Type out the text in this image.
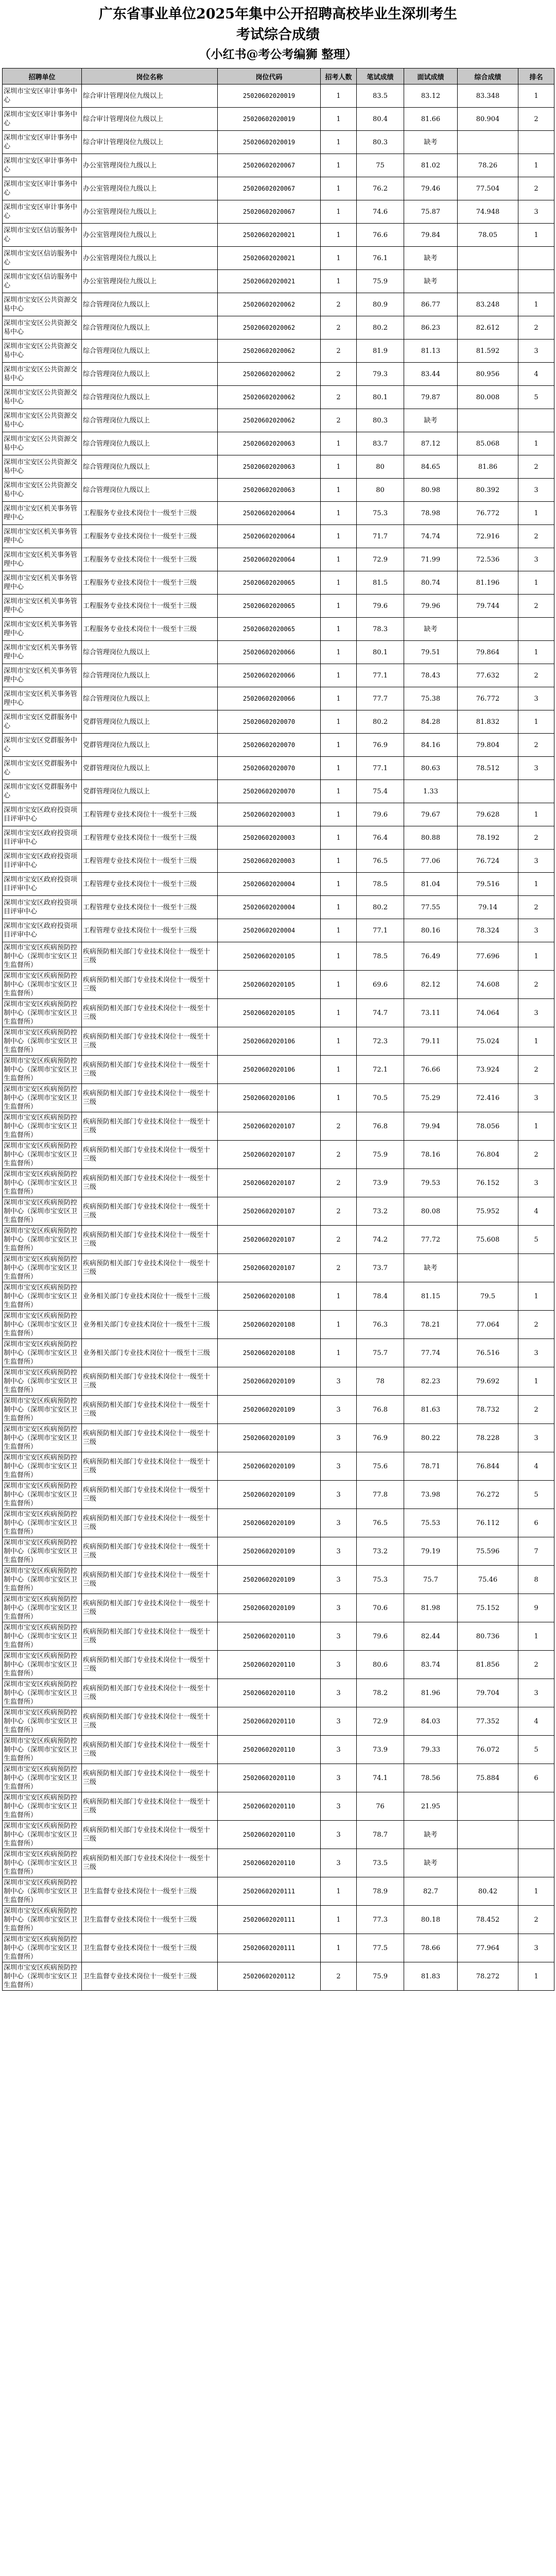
广东省事业单位2025年集中公开招聘高校毕业生深圳考生
考试综合成绩
（小红书@考公考编狮 整理）
招聘单位	岗位名称	岗位代码	招考人数	笔试成绩	面试成绩	综合成绩	排名
深圳市宝安区审计事务中心	综合审计管理岗位九级以上	25020602020019	1	83.5	83.12	83.348	1
深圳市宝安区审计事务中心	综合审计管理岗位九级以上	25020602020019	1	80.4	81.66	80.904	2
深圳市宝安区审计事务中心	综合审计管理岗位九级以上	25020602020019	1	80.3	缺考		
深圳市宝安区审计事务中心	办公室管理岗位九级以上	25020602020067	1	75	81.02	78.26	1
深圳市宝安区审计事务中心	办公室管理岗位九级以上	25020602020067	1	76.2	79.46	77.504	2
深圳市宝安区审计事务中心	办公室管理岗位九级以上	25020602020067	1	74.6	75.87	74.948	3
深圳市宝安区信访服务中心	办公室管理岗位九级以上	25020602020021	1	76.6	79.84	78.05	1
深圳市宝安区信访服务中心	办公室管理岗位九级以上	25020602020021	1	76.1	缺考		
深圳市宝安区信访服务中心	办公室管理岗位九级以上	25020602020021	1	75.9	缺考		
深圳市宝安区公共资源交易中心	综合管理岗位九级以上	25020602020062	2	80.9	86.77	83.248	1
深圳市宝安区公共资源交易中心	综合管理岗位九级以上	25020602020062	2	80.2	86.23	82.612	2
深圳市宝安区公共资源交易中心	综合管理岗位九级以上	25020602020062	2	81.9	81.13	81.592	3
深圳市宝安区公共资源交易中心	综合管理岗位九级以上	25020602020062	2	79.3	83.44	80.956	4
深圳市宝安区公共资源交易中心	综合管理岗位九级以上	25020602020062	2	80.1	79.87	80.008	5
深圳市宝安区公共资源交易中心	综合管理岗位九级以上	25020602020062	2	80.3	缺考		
深圳市宝安区公共资源交易中心	综合管理岗位九级以上	25020602020063	1	83.7	87.12	85.068	1
深圳市宝安区公共资源交易中心	综合管理岗位九级以上	25020602020063	1	80	84.65	81.86	2
深圳市宝安区公共资源交易中心	综合管理岗位九级以上	25020602020063	1	80	80.98	80.392	3
深圳市宝安区机关事务管理中心	工程服务专业技术岗位十一级至十三级	25020602020064	1	75.3	78.98	76.772	1
深圳市宝安区机关事务管理中心	工程服务专业技术岗位十一级至十三级	25020602020064	1	71.7	74.74	72.916	2
深圳市宝安区机关事务管理中心	工程服务专业技术岗位十一级至十三级	25020602020064	1	72.9	71.99	72.536	3
深圳市宝安区机关事务管理中心	工程服务专业技术岗位十一级至十三级	25020602020065	1	81.5	80.74	81.196	1
深圳市宝安区机关事务管理中心	工程服务专业技术岗位十一级至十三级	25020602020065	1	79.6	79.96	79.744	2
深圳市宝安区机关事务管理中心	工程服务专业技术岗位十一级至十三级	25020602020065	1	78.3	缺考		
深圳市宝安区机关事务管理中心	综合管理岗位九级以上	25020602020066	1	80.1	79.51	79.864	1
深圳市宝安区机关事务管理中心	综合管理岗位九级以上	25020602020066	1	77.1	78.43	77.632	2
深圳市宝安区机关事务管理中心	综合管理岗位九级以上	25020602020066	1	77.7	75.38	76.772	3
深圳市宝安区党群服务中心	党群管理岗位九级以上	25020602020070	1	80.2	84.28	81.832	1
深圳市宝安区党群服务中心	党群管理岗位九级以上	25020602020070	1	76.9	84.16	79.804	2
深圳市宝安区党群服务中心	党群管理岗位九级以上	25020602020070	1	77.1	80.63	78.512	3
深圳市宝安区党群服务中心	党群管理岗位九级以上	25020602020070	1	75.4	1.33		
深圳市宝安区政府投资项目评审中心	工程管理专业技术岗位十一级至十三级	25020602020003	1	79.6	79.67	79.628	1
深圳市宝安区政府投资项目评审中心	工程管理专业技术岗位十一级至十三级	25020602020003	1	76.4	80.88	78.192	2
深圳市宝安区政府投资项目评审中心	工程管理专业技术岗位十一级至十三级	25020602020003	1	76.5	77.06	76.724	3
深圳市宝安区政府投资项目评审中心	工程管理专业技术岗位十一级至十三级	25020602020004	1	78.5	81.04	79.516	1
深圳市宝安区政府投资项目评审中心	工程管理专业技术岗位十一级至十三级	25020602020004	1	80.2	77.55	79.14	2
深圳市宝安区政府投资项目评审中心	工程管理专业技术岗位十一级至十三级	25020602020004	1	77.1	80.16	78.324	3
深圳市宝安区疾病预防控制中心（深圳市宝安区卫生监督所）	疾病预防相关部门专业技术岗位十一级至十三级	25020602020105	1	78.5	76.49	77.696	1
深圳市宝安区疾病预防控制中心（深圳市宝安区卫生监督所）	疾病预防相关部门专业技术岗位十一级至十三级	25020602020105	1	69.6	82.12	74.608	2
深圳市宝安区疾病预防控制中心（深圳市宝安区卫生监督所）	疾病预防相关部门专业技术岗位十一级至十三级	25020602020105	1	74.7	73.11	74.064	3
深圳市宝安区疾病预防控制中心（深圳市宝安区卫生监督所）	疾病预防相关部门专业技术岗位十一级至十三级	25020602020106	1	72.3	79.11	75.024	1
深圳市宝安区疾病预防控制中心（深圳市宝安区卫生监督所）	疾病预防相关部门专业技术岗位十一级至十三级	25020602020106	1	72.1	76.66	73.924	2
深圳市宝安区疾病预防控制中心（深圳市宝安区卫生监督所）	疾病预防相关部门专业技术岗位十一级至十三级	25020602020106	1	70.5	75.29	72.416	3
深圳市宝安区疾病预防控制中心（深圳市宝安区卫生监督所）	疾病预防相关部门专业技术岗位十一级至十三级	25020602020107	2	76.8	79.94	78.056	1
深圳市宝安区疾病预防控制中心（深圳市宝安区卫生监督所）	疾病预防相关部门专业技术岗位十一级至十三级	25020602020107	2	75.9	78.16	76.804	2
深圳市宝安区疾病预防控制中心（深圳市宝安区卫生监督所）	疾病预防相关部门专业技术岗位十一级至十三级	25020602020107	2	73.9	79.53	76.152	3
深圳市宝安区疾病预防控制中心（深圳市宝安区卫生监督所）	疾病预防相关部门专业技术岗位十一级至十三级	25020602020107	2	73.2	80.08	75.952	4
深圳市宝安区疾病预防控制中心（深圳市宝安区卫生监督所）	疾病预防相关部门专业技术岗位十一级至十三级	25020602020107	2	74.2	77.72	75.608	5
深圳市宝安区疾病预防控制中心（深圳市宝安区卫生监督所）	疾病预防相关部门专业技术岗位十一级至十三级	25020602020107	2	73.7	缺考		
深圳市宝安区疾病预防控制中心（深圳市宝安区卫生监督所）	业务相关部门专业技术岗位十一级至十三级	25020602020108	1	78.4	81.15	79.5	1
深圳市宝安区疾病预防控制中心（深圳市宝安区卫生监督所）	业务相关部门专业技术岗位十一级至十三级	25020602020108	1	76.3	78.21	77.064	2
深圳市宝安区疾病预防控制中心（深圳市宝安区卫生监督所）	业务相关部门专业技术岗位十一级至十三级	25020602020108	1	75.7	77.74	76.516	3
深圳市宝安区疾病预防控制中心（深圳市宝安区卫生监督所）	疾病预防相关部门专业技术岗位十一级至十三级	25020602020109	3	78	82.23	79.692	1
深圳市宝安区疾病预防控制中心（深圳市宝安区卫生监督所）	疾病预防相关部门专业技术岗位十一级至十三级	25020602020109	3	76.8	81.63	78.732	2
深圳市宝安区疾病预防控制中心（深圳市宝安区卫生监督所）	疾病预防相关部门专业技术岗位十一级至十三级	25020602020109	3	76.9	80.22	78.228	3
深圳市宝安区疾病预防控制中心（深圳市宝安区卫生监督所）	疾病预防相关部门专业技术岗位十一级至十三级	25020602020109	3	75.6	78.71	76.844	4
深圳市宝安区疾病预防控制中心（深圳市宝安区卫生监督所）	疾病预防相关部门专业技术岗位十一级至十三级	25020602020109	3	77.8	73.98	76.272	5
深圳市宝安区疾病预防控制中心（深圳市宝安区卫生监督所）	疾病预防相关部门专业技术岗位十一级至十三级	25020602020109	3	76.5	75.53	76.112	6
深圳市宝安区疾病预防控制中心（深圳市宝安区卫生监督所）	疾病预防相关部门专业技术岗位十一级至十三级	25020602020109	3	73.2	79.19	75.596	7
深圳市宝安区疾病预防控制中心（深圳市宝安区卫生监督所）	疾病预防相关部门专业技术岗位十一级至十三级	25020602020109	3	75.3	75.7	75.46	8
深圳市宝安区疾病预防控制中心（深圳市宝安区卫生监督所）	疾病预防相关部门专业技术岗位十一级至十三级	25020602020109	3	70.6	81.98	75.152	9
深圳市宝安区疾病预防控制中心（深圳市宝安区卫生监督所）	疾病预防相关部门专业技术岗位十一级至十三级	25020602020110	3	79.6	82.44	80.736	1
深圳市宝安区疾病预防控制中心（深圳市宝安区卫生监督所）	疾病预防相关部门专业技术岗位十一级至十三级	25020602020110	3	80.6	83.74	81.856	2
深圳市宝安区疾病预防控制中心（深圳市宝安区卫生监督所）	疾病预防相关部门专业技术岗位十一级至十三级	25020602020110	3	78.2	81.96	79.704	3
深圳市宝安区疾病预防控制中心（深圳市宝安区卫生监督所）	疾病预防相关部门专业技术岗位十一级至十三级	25020602020110	3	72.9	84.03	77.352	4
深圳市宝安区疾病预防控制中心（深圳市宝安区卫生监督所）	疾病预防相关部门专业技术岗位十一级至十三级	25020602020110	3	73.9	79.33	76.072	5
深圳市宝安区疾病预防控制中心（深圳市宝安区卫生监督所）	疾病预防相关部门专业技术岗位十一级至十三级	25020602020110	3	74.1	78.56	75.884	6
深圳市宝安区疾病预防控制中心（深圳市宝安区卫生监督所）	疾病预防相关部门专业技术岗位十一级至十三级	25020602020110	3	76	21.95		
深圳市宝安区疾病预防控制中心（深圳市宝安区卫生监督所）	疾病预防相关部门专业技术岗位十一级至十三级	25020602020110	3	78.7	缺考		
深圳市宝安区疾病预防控制中心（深圳市宝安区卫生监督所）	疾病预防相关部门专业技术岗位十一级至十三级	25020602020110	3	73.5	缺考		
深圳市宝安区疾病预防控制中心（深圳市宝安区卫生监督所）	卫生监督专业技术岗位十一级至十三级	25020602020111	1	78.9	82.7	80.42	1
深圳市宝安区疾病预防控制中心（深圳市宝安区卫生监督所）	卫生监督专业技术岗位十一级至十三级	25020602020111	1	77.3	80.18	78.452	2
深圳市宝安区疾病预防控制中心（深圳市宝安区卫生监督所）	卫生监督专业技术岗位十一级至十三级	25020602020111	1	77.5	78.66	77.964	3
深圳市宝安区疾病预防控制中心（深圳市宝安区卫生监督所）	卫生监督专业技术岗位十一级至十三级	25020602020112	2	75.9	81.83	78.272	1
